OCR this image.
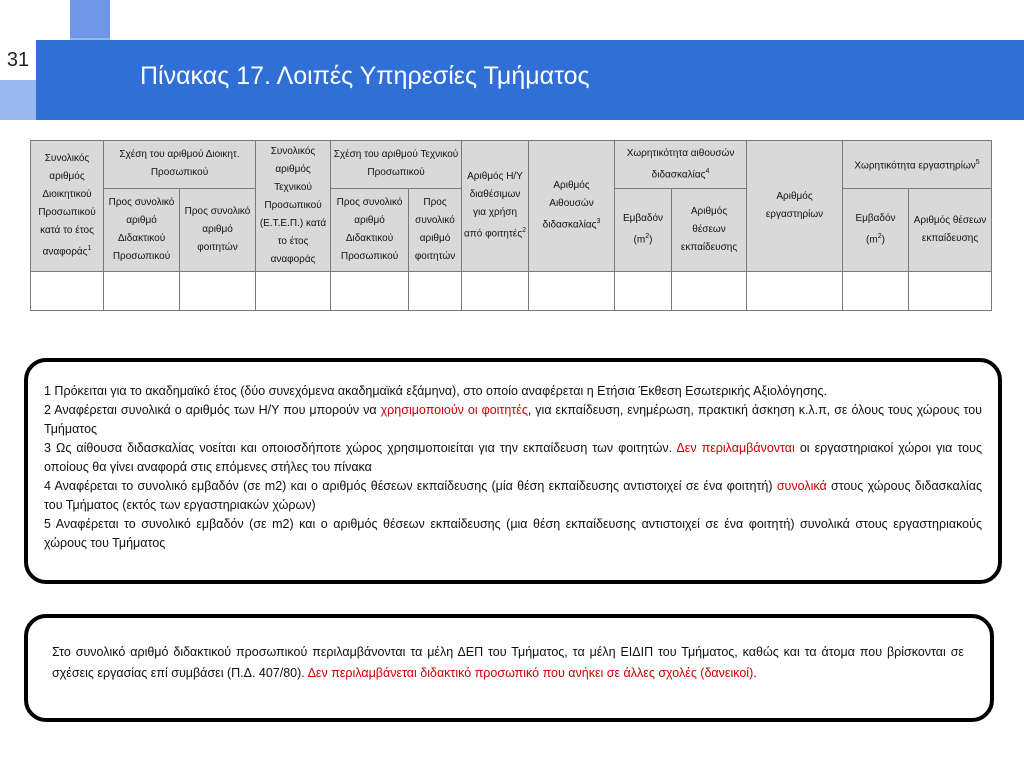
31
Πίνακας 17. Λοιπές Υπηρεσίες Τμήματος
Συνολικός αριθμός Διοικητικού Προσωπικού κατά το έτος αναφοράς$^1$	Σχέση του αριθμού Διοικητ. Προσωπικού		Συνολικός αριθμός Τεχνικού Προσωπικού (Ε.Τ.Ε.Π.) κατά το έτος αναφοράς	Σχέση του αριθμού Τεχνικού Προσωπικού		Αριθμός Η/Υ διαθέσιμων για χρήση από φοιτητές$^2$	Αριθμός Αιθουσών διδασκαλίας$^3$	Χωρητικότητα αιθουσών διδασκαλίας$^4$		Αριθμός εργαστηρίων	Χωρητικότητα εργαστηρίων$^5$
	Προς συνολικό αριθμό Διδακτικού Προσωπικού	Προς συνολικό αριθμό φοιτητών		Προς συνολικό αριθμό Διδακτικού Προσωπικού	Προς συνολικό αριθμό φοιτητών			Εμβαδόν $(m^2)$	Αριθμός θέσεων εκπαίδευσης		Εμβαδόν $(m^2)$	Αριθμός θέσεων εκπαίδευσης

1 Πρόκειται για το ακαδημαϊκό έτος (δύο συνεχόμενα ακαδημαϊκά εξάμηνα), στο οποίο αναφέρεται η Ετήσια Έκθεση Εσωτερικής Αξιολόγησης.

2 Αναφέρεται συνολικά ο αριθμός των Η/Υ που μπορούν να χρησιμοποιούν οι φοιτητές, για εκπαίδευση, ενημέρωση, πρακτική άσκηση κ.λ.π, σε όλους τους χώρους του Τμήματος

3 Ως αίθουσα διδασκαλίας νοείται και οποιοσδήποτε χώρος χρησιμοποιείται για την εκπαίδευση των φοιτητών. Δεν περιλαμβάνονται οι εργαστηριακοί χώροι για τους οποίους θα γίνει αναφορά στις επόμενες στήλες του πίνακα

4 Αναφέρεται το συνολικό εμβαδόν (σε m2) και ο αριθμός θέσεων εκπαίδευσης (μία θέση εκπαίδευσης αντιστοιχεί σε ένα φοιτητή) συνολικά στους χώρους διδασκαλίας του Τμήματος (εκτός των εργαστηριακών χώρων)

5 Αναφέρεται το συνολικό εμβαδόν (σε m2) και ο αριθμός θέσεων εκπαίδευσης (μια θέση εκπαίδευσης αντιστοιχεί σε ένα φοιτητή) συνολικά στους εργαστηριακούς χώρους του Τμήματος

Στο συνολικό αριθμό διδακτικού προσωπικού περιλαμβάνονται τα μέλη ΔΕΠ του Τμήματος, τα μέλη ΕΙΔΙΠ του Τμήματος, καθώς και τα άτομα που βρίσκονται σε σχέσεις εργασίας επί συμβάσει (Π.Δ. 407/80). Δεν περιλαμβάνεται διδακτικό προσωπικό που ανήκει σε άλλες σχολές (δανεικοί).
